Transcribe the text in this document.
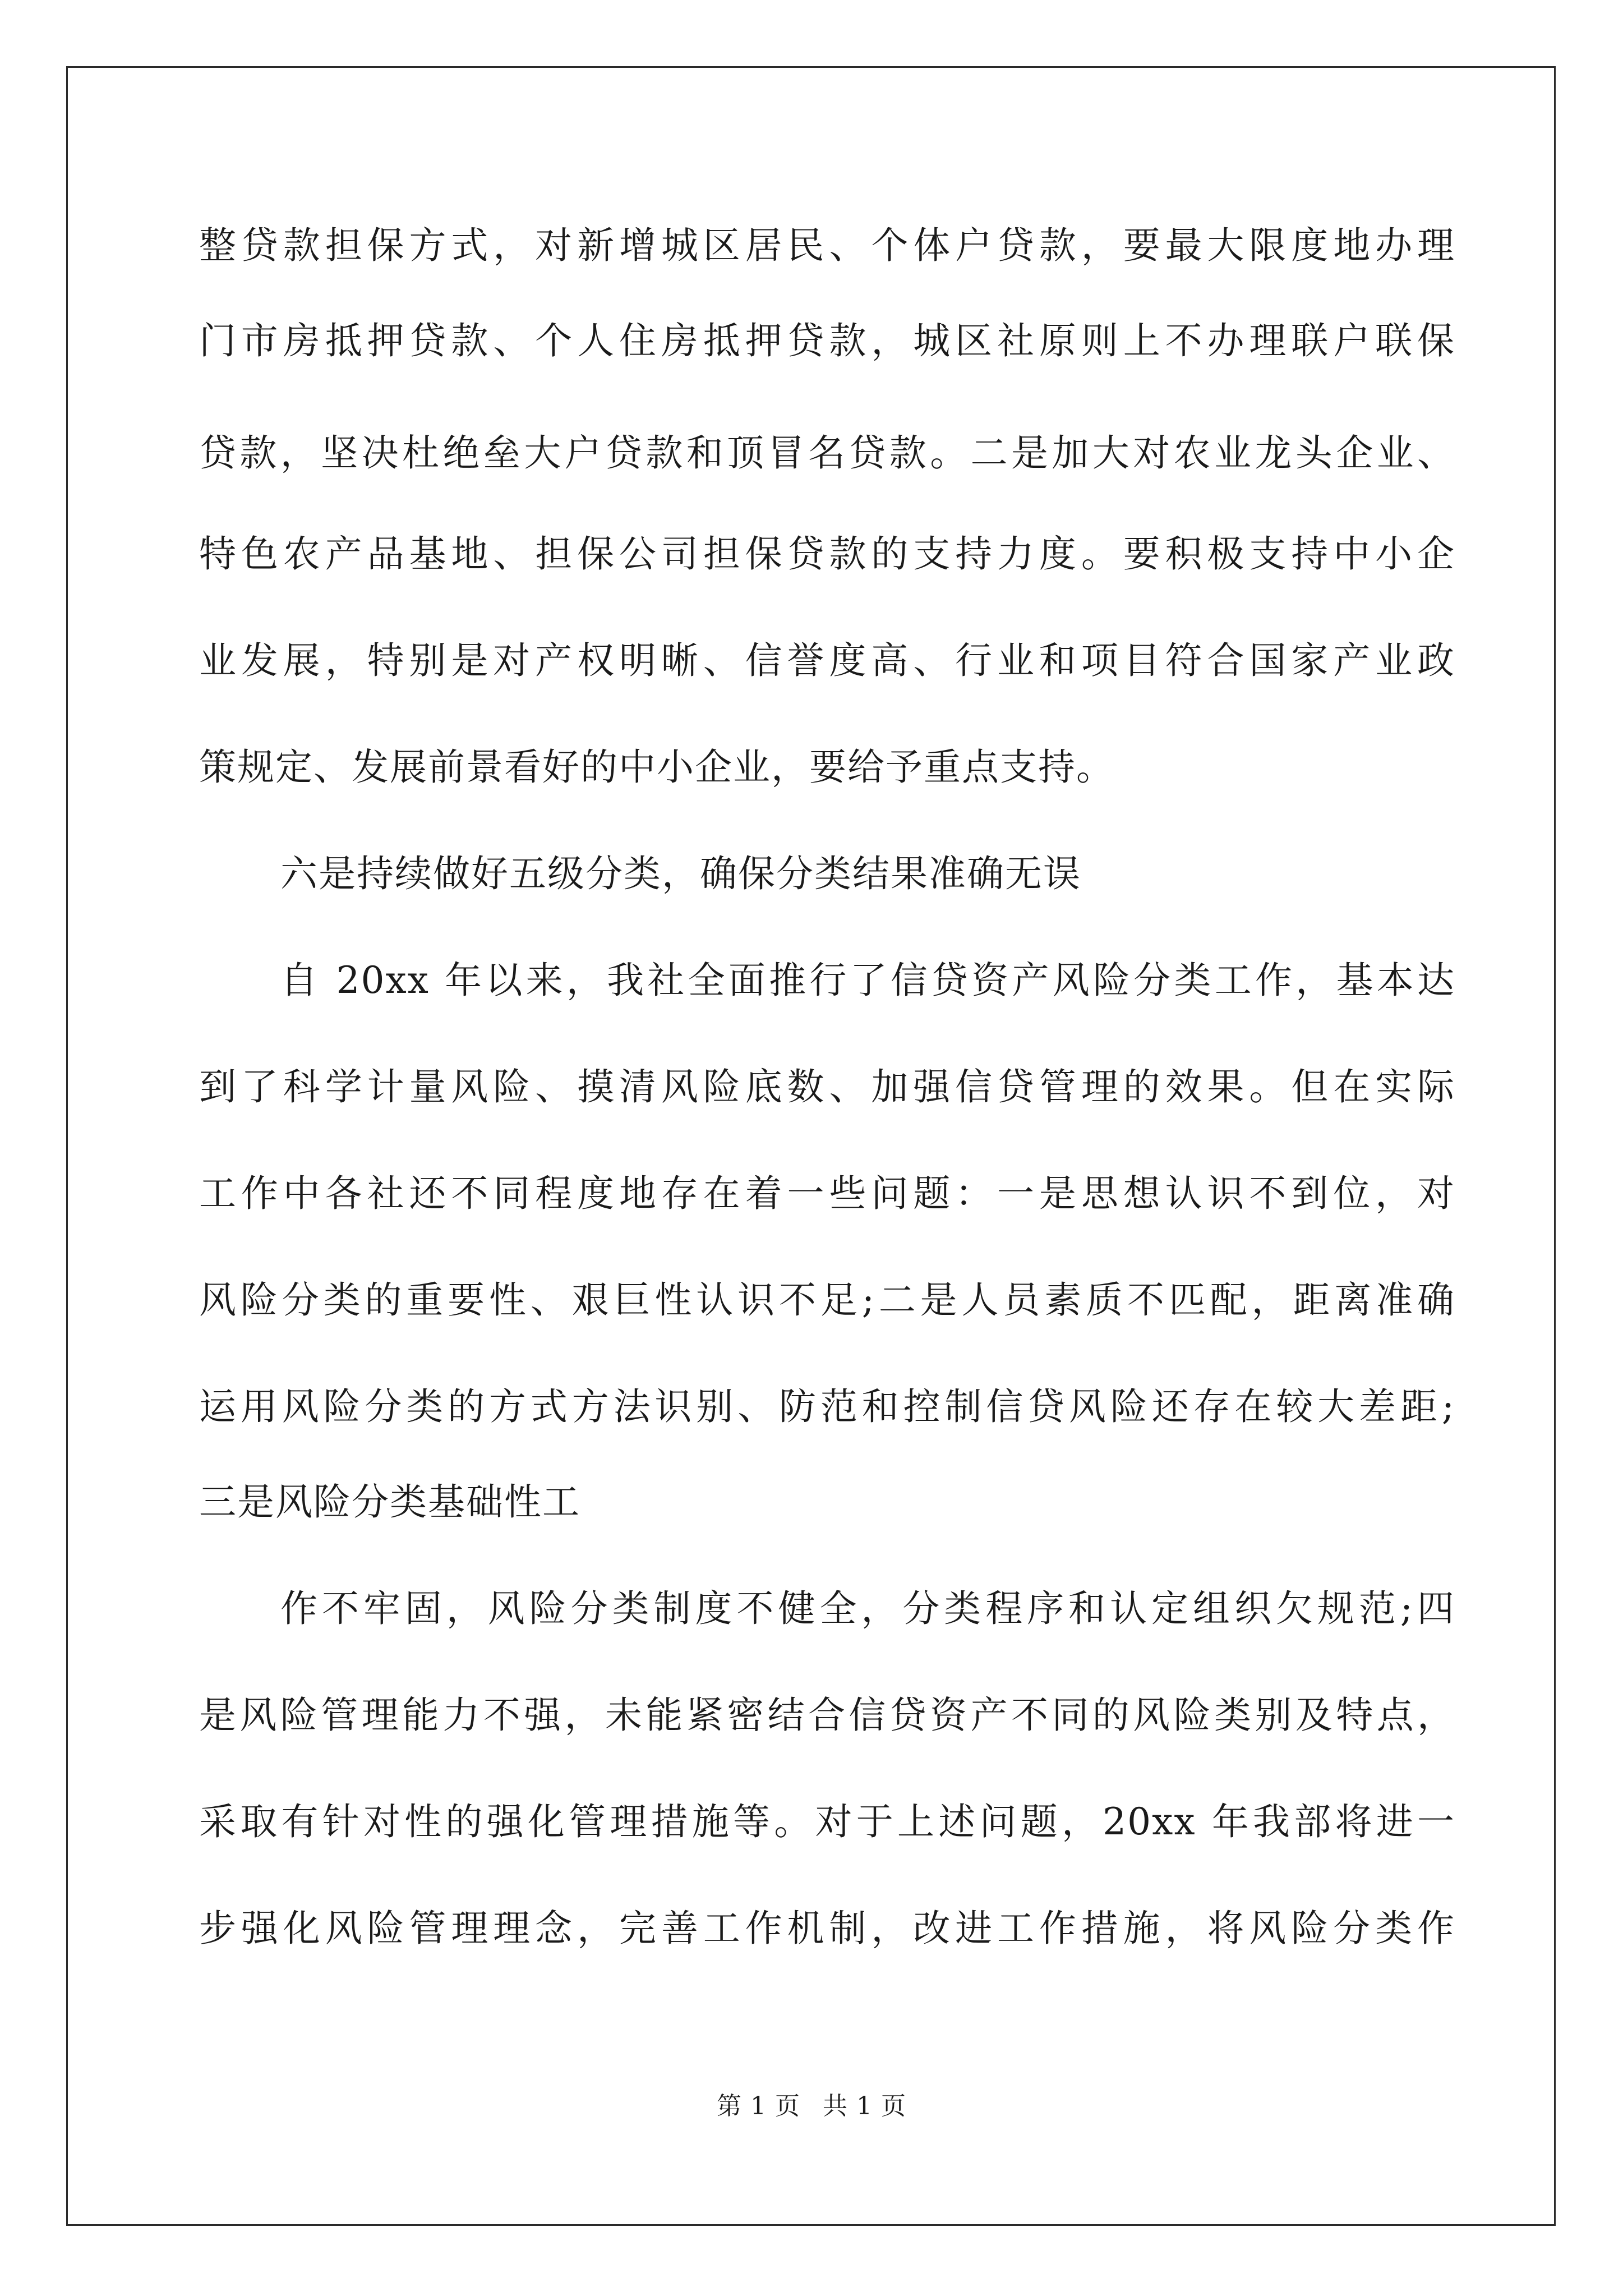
整贷款担保方式，对新增城区居民、个体户贷款，要最大限度地办理
门市房抵押贷款、个人住房抵押贷款，城区社原则上不办理联户联保
贷款，坚决杜绝垒大户贷款和顶冒名贷款。二是加大对农业龙头企业、
特色农产品基地、担保公司担保贷款的支持力度。要积极支持中小企
业发展，特别是对产权明晰、信誉度高、行业和项目符合国家产业政
策规定、发展前景看好的中小企业，要给予重点支持。
六是持续做好五级分类，确保分类结果准确无误
自 20xx 年以来，我社全面推行了信贷资产风险分类工作，基本达
到了科学计量风险、摸清风险底数、加强信贷管理的效果。但在实际
工作中各社还不同程度地存在着一些问题：一是思想认识不到位，对
风险分类的重要性、艰巨性认识不足;二是人员素质不匹配，距离准确
运用风险分类的方式方法识别、防范和控制信贷风险还存在较大差距;
三是风险分类基础性工
作不牢固，风险分类制度不健全，分类程序和认定组织欠规范;四
是风险管理能力不强，未能紧密结合信贷资产不同的风险类别及特点，
采取有针对性的强化管理措施等。对于上述问题，20xx 年我部将进一
步强化风险管理理念，完善工作机制，改进工作措施，将风险分类作
第 1 页 共 1 页
